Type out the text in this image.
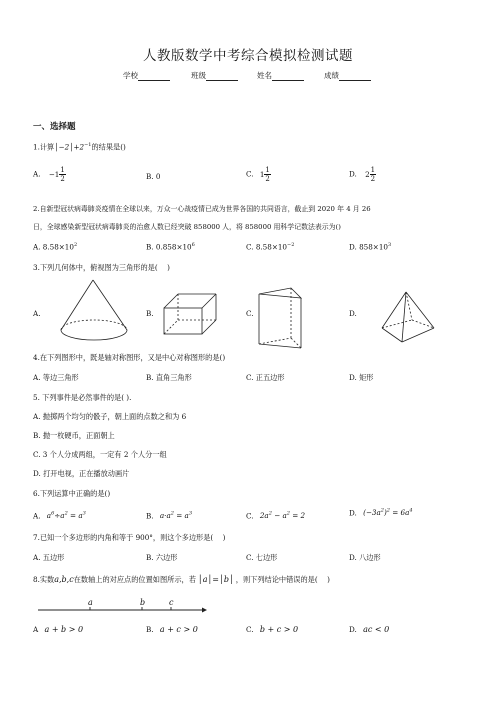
人教版数学中考综合模拟检测试题
学校	班级	姓名	成绩
一、选择题
1.计算$│-2│+2^{-1}$的结果是()
A. $-1 \frac{1}{2}$	B. 0	C. $1 \frac{1}{2}$	D. $2 \frac{1}{2}$
2.自新型冠状病毒肺炎疫情在全球以来，万众一心战疫情已成为世界各国的共同语言，截止到 2020 年 4 月 26
日，全球感染新型冠状病毒肺炎的治愈人数已经突破 858000 人，将 858000 用科学记数法表示为()
A. $8.58\times 10^2$	B. $0.858\times 10^6$	C. $8.58\times 10^{-2}$	D. $858\times 10^3$
3.下列几何体中，俯视图为三角形的是(　 )
A.	B.	C.	D.
4.在下列图形中，既是轴对称图形，又是中心对称图形的是()
A. 等边三角形	B. 直角三角形	C. 正五边形	D. 矩形
5. 下列事件是必然事件的是( ).
A. 抛掷两个均匀的骰子，朝上面的点数之和为 6
B. 抛一枚硬币，正面朝上
C. 3 个人分成两组，一定有 2 个人分一组
D. 打开电视，正在播放动画片
6.下列运算中正确的是()
A. $a^6\div a^2 = a^3$	B. $a\cdot a^2 = a^3$	C. $2a^2 - a^2 = 2$	D. $(-3a^2)^2 = 6a^4$
7.已知一个多边形的内角和等于 900°，则这个多边形是(　 )
A. 五边形	B. 六边形	C. 七边形	D. 八边形
8.实数a,b,c在数轴上的对应点的位置如图所示，若 │a│=│b│ ，则下列结论中错误的是(　 )
a	b	c
A a + b > 0	B. a + c > 0	C. b + c > 0	D. ac < 0
